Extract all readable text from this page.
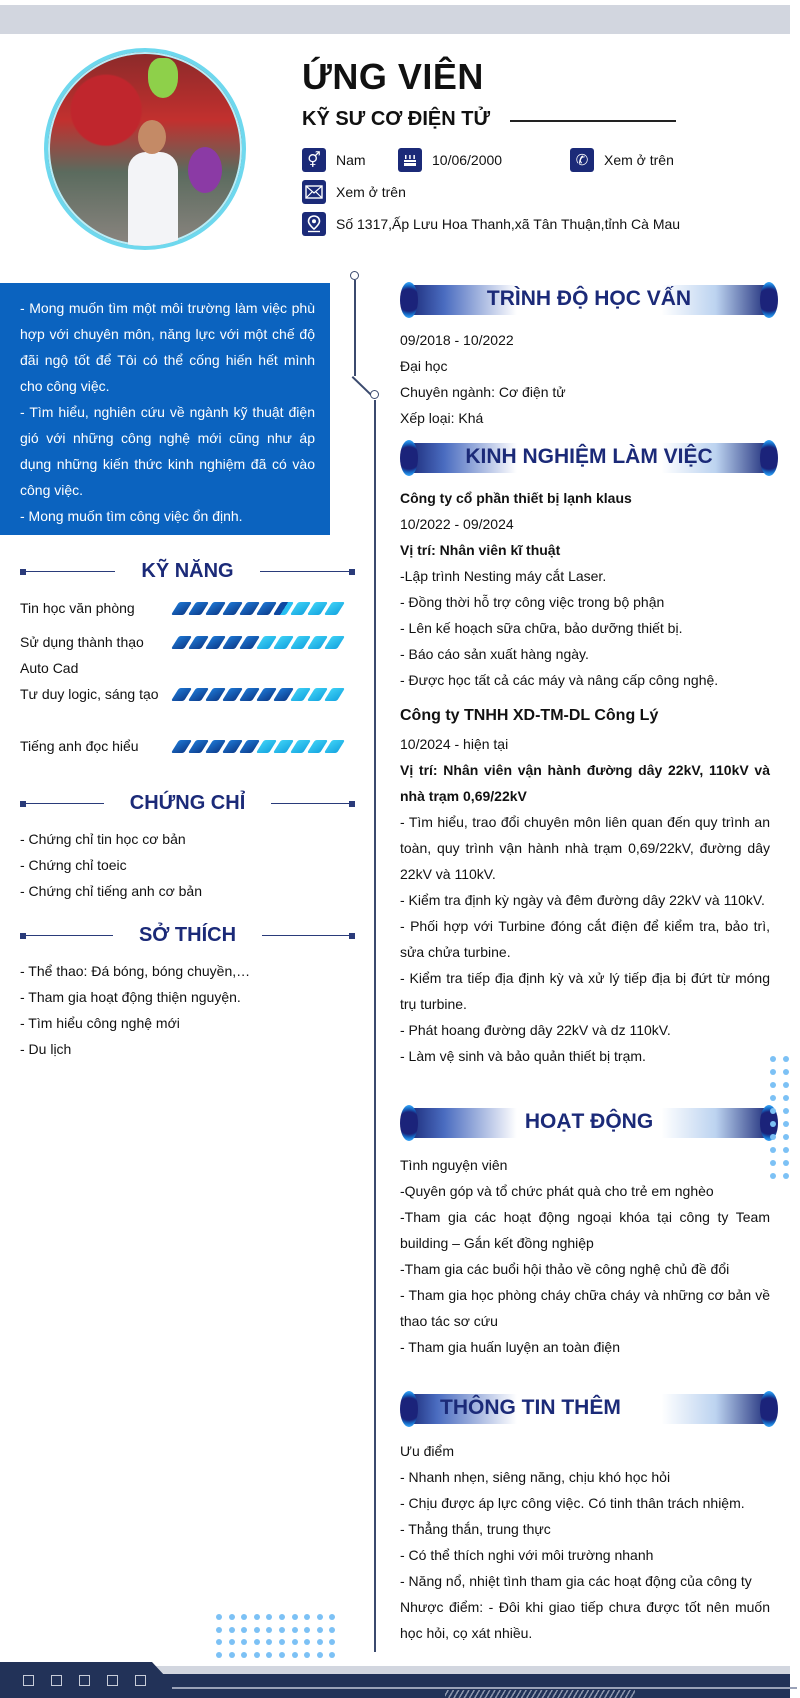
ỨNG VIÊN
KỸ SƯ CƠ ĐIỆN TỬ
⚥	Nam	10/06/2000	✆	Xem ở trên
Xem ở trên
Số 1317,Ấp Lưu Hoa Thanh,xã Tân Thuận,tỉnh Cà Mau

- Mong muốn tìm một môi trường làm việc phù hợp với chuyên môn, năng lực với một chế độ đãi ngộ tốt để Tôi có thể cống hiến hết mình cho công việc.

- Tìm hiểu, nghiên cứu về ngành kỹ thuật điện gió với những công nghệ mới cũng như áp dụng những kiến thức kinh nghiệm đã có vào công việc.

- Mong muốn tìm công việc ổn định.

KỸ NĂNG
Tin học văn phòng
Sử dụng thành thạo Auto Cad
Tư duy logic, sáng tạo
Tiếng anh đọc hiểu
CHỨNG CHỈ
- Chứng chỉ tin học cơ bản
- Chứng chỉ toeic
- Chứng chỉ tiếng anh cơ bản
SỞ THÍCH
- Thể thao: Đá bóng, bóng chuyền,…
- Tham gia hoạt động thiện nguyện.
- Tìm hiểu công nghệ mới
- Du lịch
TRÌNH ĐỘ HỌC VẤN
09/2018 - 10/2022
Đại học
Chuyên ngành: Cơ điện tử
Xếp loại: Khá
KINH NGHIỆM LÀM VIỆC
Công ty cổ phần thiết bị lạnh klaus
10/2022 - 09/2024
Vị trí: Nhân viên kĩ thuật
-Lập trình Nesting máy cắt Laser.
- Đồng thời hỗ trợ công việc trong bộ phận
- Lên kế hoạch sữa chữa, bảo dưỡng thiết bị.
- Báo cáo sản xuất hàng ngày.
- Được học tất cả các máy và nâng cấp công nghệ.
Công ty TNHH XD-TM-DL Công Lý
10/2024 - hiện tại
Vị trí: Nhân viên vận hành đường dây 22kV, 110kV và nhà trạm 0,69/22kV
- Tìm hiểu, trao đổi chuyên môn liên quan đến quy trình an toàn, quy trình vận hành nhà trạm 0,69/22kV, đường dây 22kV và 110kV.
- Kiểm tra định kỳ ngày và đêm đường dây 22kV và 110kV.
- Phối hợp với Turbine đóng cắt điện để kiểm tra, bảo trì, sửa chửa turbine.
- Kiểm tra tiếp địa định kỳ và xử lý tiếp địa bị đứt từ móng trụ turbine.
- Phát hoang đường dây 22kV và dz 110kV.
- Làm vệ sinh và bảo quản thiết bị trạm.
HOẠT ĐỘNG
Tình nguyện viên
-Quyên góp và tổ chức phát quà cho trẻ em nghèo
-Tham gia các hoạt động ngoại khóa tại công ty Team building – Gắn kết đồng nghiệp
-Tham gia các buổi hội thảo về công nghệ chủ đề đổi
- Tham gia học phòng cháy chữa cháy và những cơ bản về thao tác sơ cứu
- Tham gia huấn luyện an toàn điện
THÔNG TIN THÊM
Ưu điểm
- Nhanh nhẹn, siêng năng, chịu khó học hỏi
- Chịu được áp lực công việc. Có tinh thân trách nhiệm.
- Thẳng thắn, trung thực
- Có thể thích nghi với môi trường nhanh
- Năng nổ, nhiệt tình tham gia các hoạt động của công ty
Nhược điểm: - Đôi khi giao tiếp chưa được tốt nên muốn học hỏi, cọ xát nhiều.
